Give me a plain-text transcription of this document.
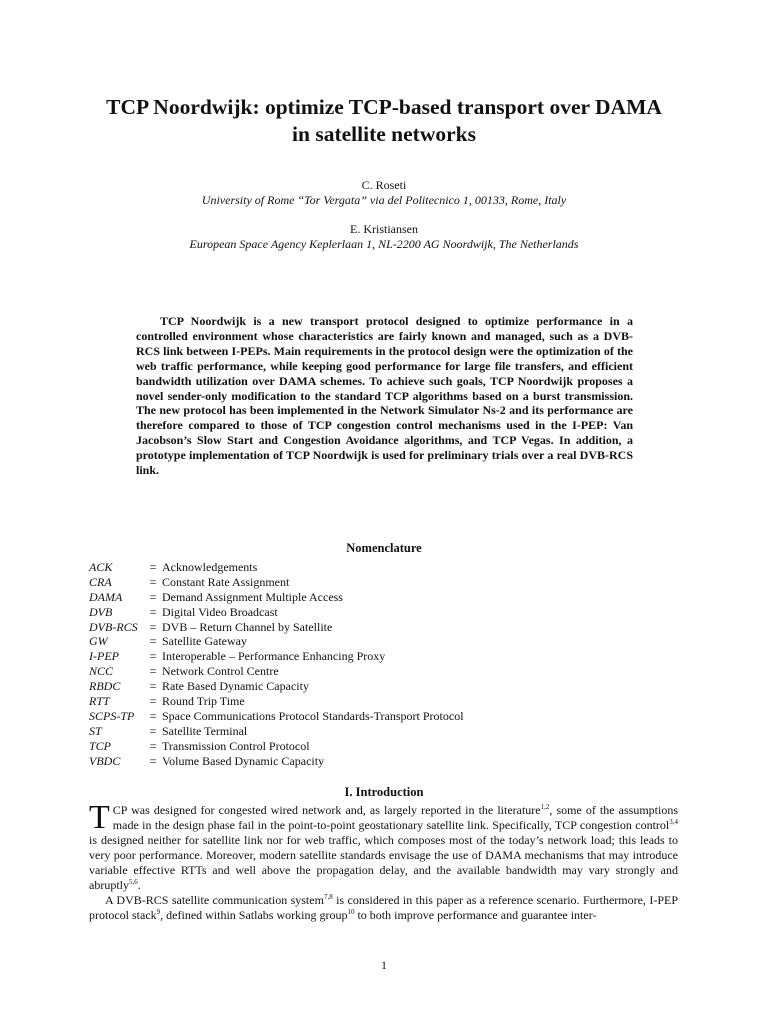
TCP Noordwijk: optimize TCP-based transport over DAMA
in satellite networks
C. Roseti
University of Rome “Tor Vergata” via del Politecnico 1, 00133, Rome, Italy
E. Kristiansen
European Space Agency Keplerlaan 1, NL-2200 AG Noordwijk, The Netherlands
TCP Noordwijk is a new transport protocol designed to optimize performance in a controlled environment whose characteristics are fairly known and managed, such as a DVB-RCS link between I-PEPs. Main requirements in the protocol design were the optimization of the web traffic performance, while keeping good performance for large file transfers, and efficient bandwidth utilization over DAMA schemes. To achieve such goals, TCP Noordwijk proposes a novel sender-only modification to the standard TCP algorithms based on a burst transmission. The new protocol has been implemented in the Network Simulator Ns-2 and its performance are therefore compared to those of TCP congestion control mechanisms used in the I-PEP: Van Jacobson’s Slow Start and Congestion Avoidance algorithms, and TCP Vegas. In addition, a prototype implementation of TCP Noordwijk is used for preliminary trials over a real DVB-RCS link.
Nomenclature
ACK	= Acknowledgements
CRA	= Constant Rate Assignment
DAMA	= Demand Assignment Multiple Access
DVB	= Digital Video Broadcast
DVB-RCS = DVB – Return Channel by Satellite
GW	= Satellite Gateway
I-PEP	= Interoperable – Performance Enhancing Proxy
NCC	= Network Control Centre
RBDC	= Rate Based Dynamic Capacity
RTT	= Round Trip Time
SCPS-TP	= Space Communications Protocol Standards-Transport Protocol
ST	= Satellite Terminal
TCP	= Transmission Control Protocol
VBDC	= Volume Based Dynamic Capacity
I. Introduction

TCP was designed for congested wired network and, as largely reported in the literature$^{1,2}$, some of the assumptions made in the design phase fail in the point-to-point geostationary satellite link. Specifically, TCP congestion control$^{3,4}$ is designed neither for satellite link nor for web traffic, which composes most of the today’s network load; this leads to very poor performance. Moreover, modern satellite standards envisage the use of DAMA mechanisms that may introduce variable effective RTTs and well above the propagation delay, and the available bandwidth may vary strongly and abruptly$^{5,6}$.

A DVB-RCS satellite communication system$^{7,8}$ is considered in this paper as a reference scenario. Furthermore, I-PEP protocol stack$^9$, defined within Satlabs working group$^{10}$ to both improve performance and guarantee inter-

1
